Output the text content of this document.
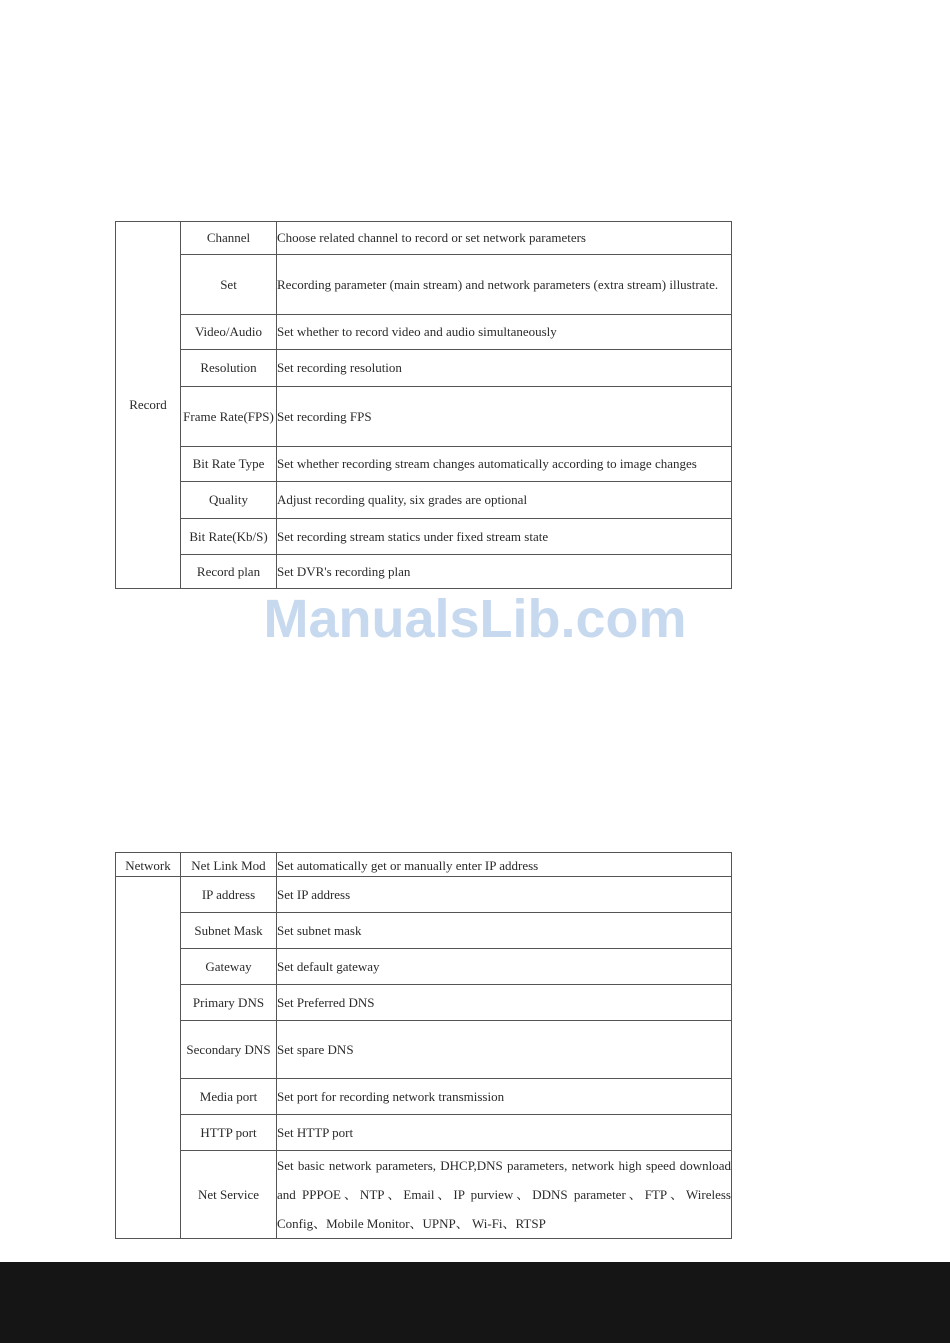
Record	Channel	Choose related channel to record or set network parameters
	Set	Recording parameter (main stream) and network parameters (extra stream) illustrate.
	Video/Audio	Set whether to record video and audio simultaneously
	Resolution	Set recording resolution
	Frame Rate(FPS)	Set recording FPS
	Bit Rate Type	Set whether recording stream changes automatically according to image changes
	Quality	Adjust recording quality, six grades are optional
	Bit Rate(Kb/S)	Set recording stream statics under fixed stream state
	Record plan	Set DVR's recording plan
ManualsLib.com
Network	Net Link Mod	Set automatically get or manually enter IP address
	IP address	Set IP address
	Subnet Mask	Set subnet mask
	Gateway	Set default gateway
	Primary DNS	Set Preferred DNS
	Secondary DNS	Set spare DNS
	Media port	Set port for recording network transmission
	HTTP port	Set HTTP port
	Net Service	Set basic network parameters, DHCP,DNS parameters, network high speed download and PPPOE、NTP、Email、IP purview、DDNS parameter、FTP、Wireless Config、Mobile Monitor、UPNP、 Wi-Fi、RTSP
